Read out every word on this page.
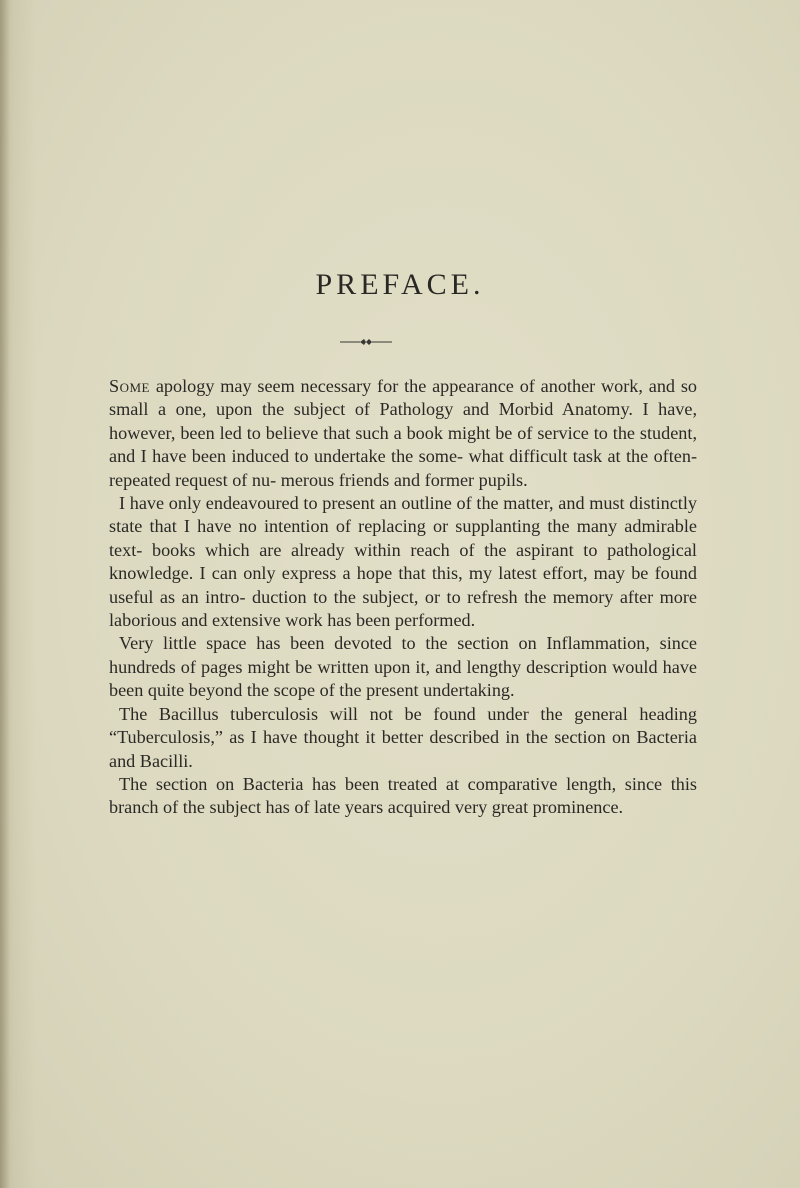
PREFACE.

Some apology may seem necessary for the appearance of another work, and so small a one, upon the subject of Pathology and Morbid Anatomy. I have, however, been led to believe that such a book might be of service to the student, and I have been induced to undertake the some- what difficult task at the often-repeated request of nu- merous friends and former pupils.

I have only endeavoured to present an outline of the matter, and must distinctly state that I have no intention of replacing or supplanting the many admirable text- books which are already within reach of the aspirant to pathological knowledge. I can only express a hope that this, my latest effort, may be found useful as an intro- duction to the subject, or to refresh the memory after more laborious and extensive work has been performed.

Very little space has been devoted to the section on Inflammation, since hundreds of pages might be written upon it, and lengthy description would have been quite beyond the scope of the present undertaking.

The Bacillus tuberculosis will not be found under the general heading “Tuberculosis,” as I have thought it better described in the section on Bacteria and Bacilli.

The section on Bacteria has been treated at comparative length, since this branch of the subject has of late years acquired very great prominence.
